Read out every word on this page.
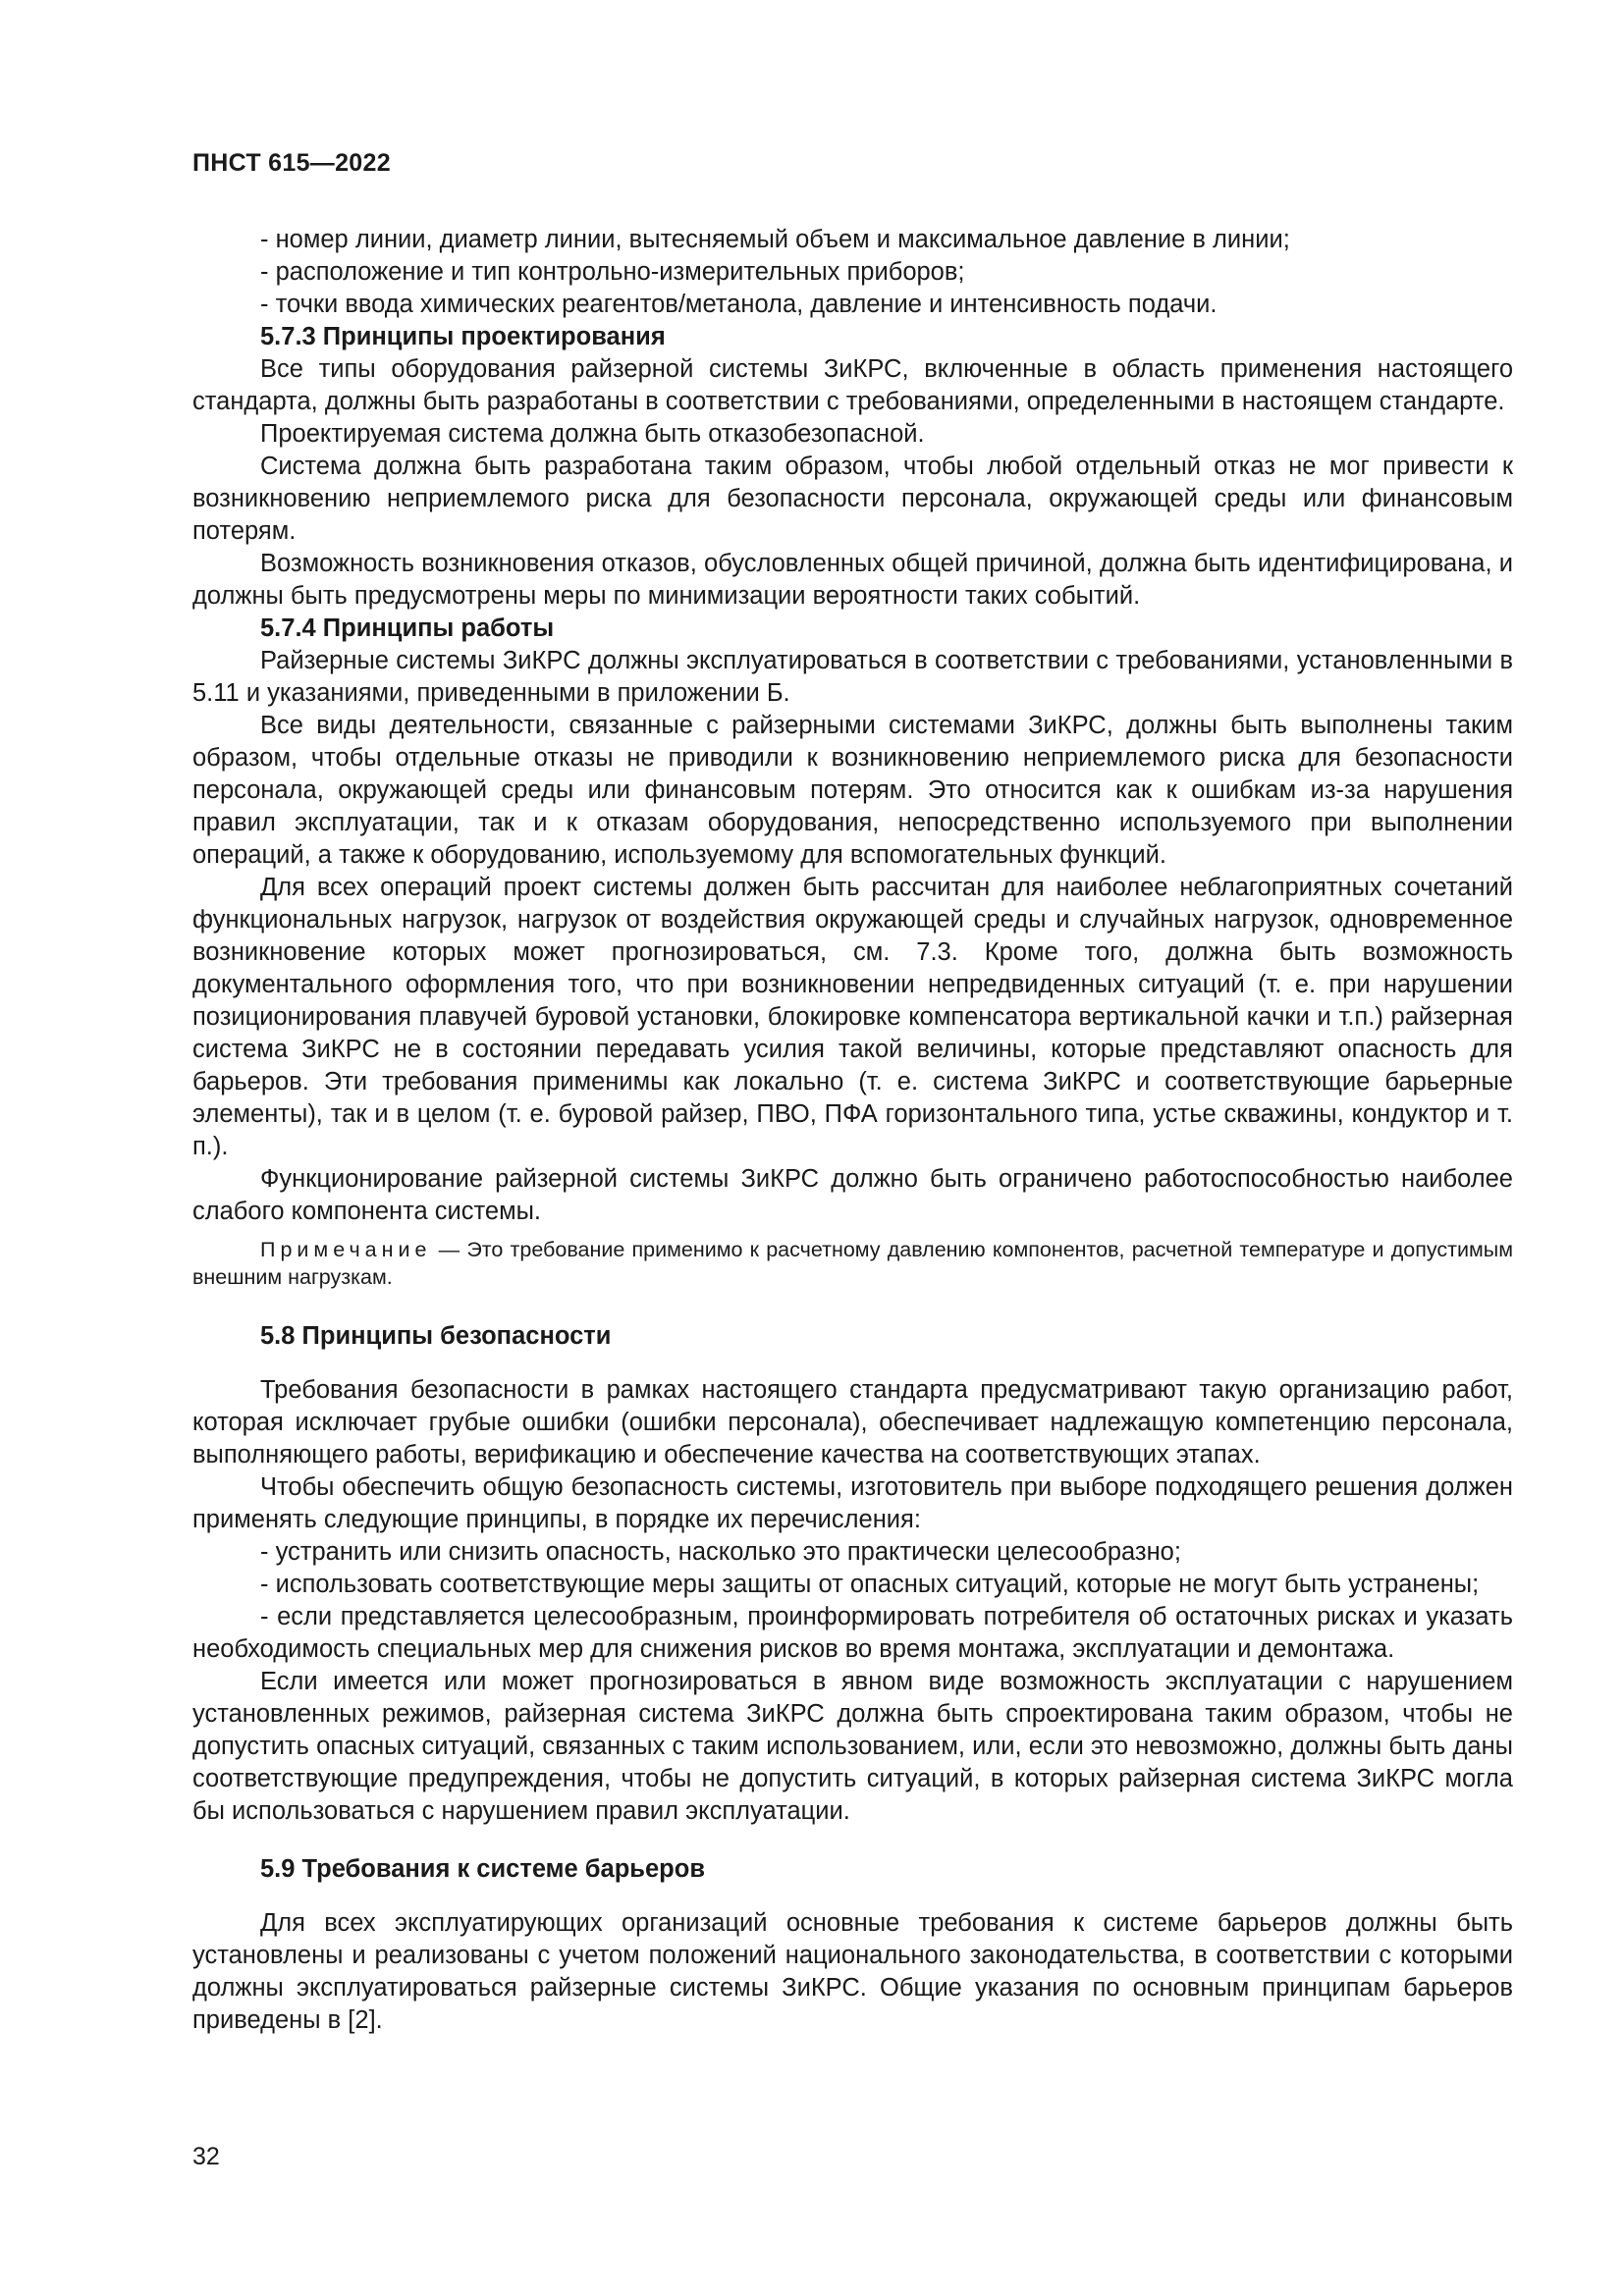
ПНСТ 615—2022

- номер линии, диаметр линии, вытесняемый объем и максимальное давление в линии;

- расположение и тип контрольно-измерительных приборов;

- точки ввода химических реагентов/метанола, давление и интенсивность подачи.

5.7.3 Принципы проектирования

Все типы оборудования райзерной системы ЗиКРС, включенные в область применения настоящего стандарта, должны быть разработаны в соответствии с требованиями, определенными в настоящем стандарте.

Проектируемая система должна быть отказобезопасной.

Система должна быть разработана таким образом, чтобы любой отдельный отказ не мог привести к возникновению неприемлемого риска для безопасности персонала, окружающей среды или финансовым потерям.

Возможность возникновения отказов, обусловленных общей причиной, должна быть идентифицирована, и должны быть предусмотрены меры по минимизации вероятности таких событий.

5.7.4 Принципы работы

Райзерные системы ЗиКРС должны эксплуатироваться в соответствии с требованиями, установленными в 5.11 и указаниями, приведенными в приложении Б.

Все виды деятельности, связанные с райзерными системами ЗиКРС, должны быть выполнены таким образом, чтобы отдельные отказы не приводили к возникновению неприемлемого риска для безопасности персонала, окружающей среды или финансовым потерям. Это относится как к ошибкам из-за нарушения правил эксплуатации, так и к отказам оборудования, непосредственно используемого при выполнении операций, а также к оборудованию, используемому для вспомогательных функций.

Для всех операций проект системы должен быть рассчитан для наиболее неблагоприятных сочетаний функциональных нагрузок, нагрузок от воздействия окружающей среды и случайных нагрузок, одновременное возникновение которых может прогнозироваться, см. 7.3. Кроме того, должна быть возможность документального оформления того, что при возникновении непредвиденных ситуаций (т. е. при нарушении позиционирования плавучей буровой установки, блокировке компенсатора вертикальной качки и т.п.) райзерная система ЗиКРС не в состоянии передавать усилия такой величины, которые представляют опасность для барьеров. Эти требования применимы как локально (т. е. система ЗиКРС и соответствующие барьерные элементы), так и в целом (т. е. буровой райзер, ПВО, ПФА горизонтального типа, устье скважины, кондуктор и т. п.).

Функционирование райзерной системы ЗиКРС должно быть ограничено работоспособностью наиболее слабого компонента системы.

Примечание — Это требование применимо к расчетному давлению компонентов, расчетной температуре и допустимым внешним нагрузкам.

5.8 Принципы безопасности

Требования безопасности в рамках настоящего стандарта предусматривают такую организацию работ, которая исключает грубые ошибки (ошибки персонала), обеспечивает надлежащую компетенцию персонала, выполняющего работы, верификацию и обеспечение качества на соответствующих этапах.

Чтобы обеспечить общую безопасность системы, изготовитель при выборе подходящего решения должен применять следующие принципы, в порядке их перечисления:

- устранить или снизить опасность, насколько это практически целесообразно;

- использовать соответствующие меры защиты от опасных ситуаций, которые не могут быть устранены;

- если представляется целесообразным, проинформировать потребителя об остаточных рисках и указать необходимость специальных мер для снижения рисков во время монтажа, эксплуатации и демонтажа.

Если имеется или может прогнозироваться в явном виде возможность эксплуатации с нарушением установленных режимов, райзерная система ЗиКРС должна быть спроектирована таким образом, чтобы не допустить опасных ситуаций, связанных с таким использованием, или, если это невозможно, должны быть даны соответствующие предупреждения, чтобы не допустить ситуаций, в которых райзерная система ЗиКРС могла бы использоваться с нарушением правил эксплуатации.

5.9 Требования к системе барьеров

Для всех эксплуатирующих организаций основные требования к системе барьеров должны быть установлены и реализованы с учетом положений национального законодательства, в соответствии с которыми должны эксплуатироваться райзерные системы ЗиКРС. Общие указания по основным принципам барьеров приведены в [2].

32
